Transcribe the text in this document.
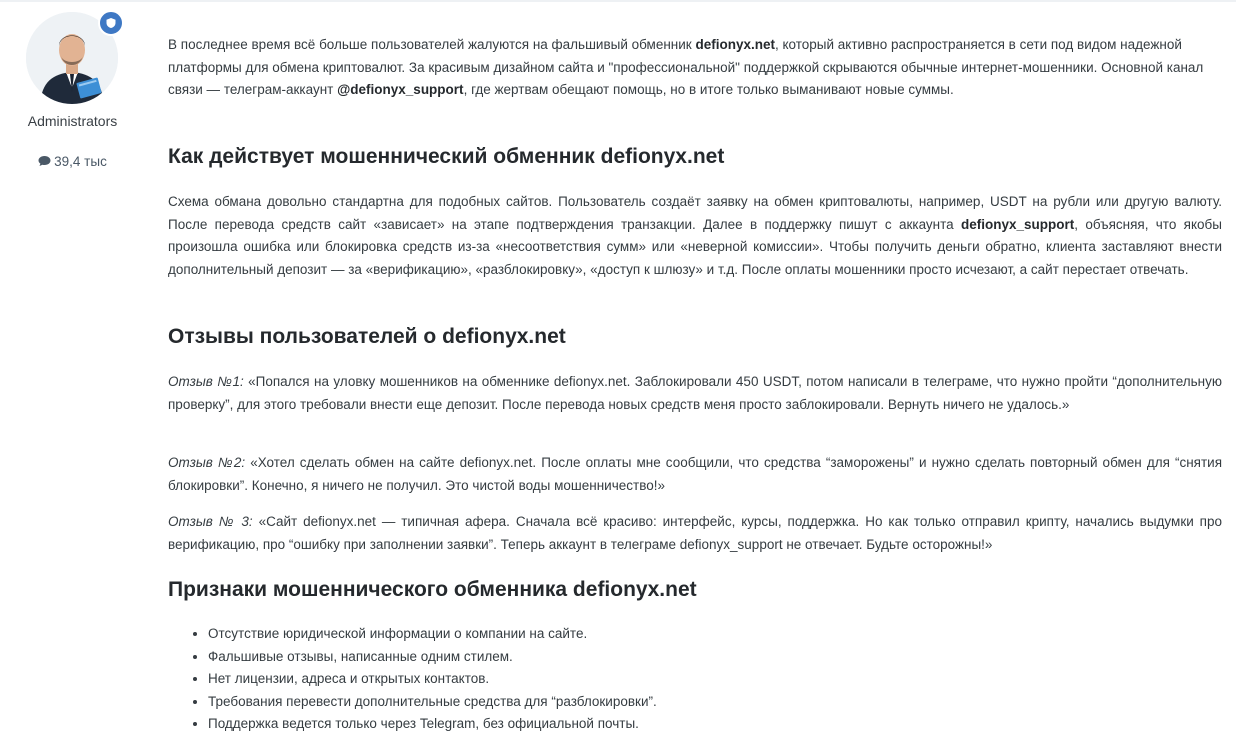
Administrators
39,4 тыс

В последнее время всё больше пользователей жалуются на фальшивый обменник defionyx.net, который активно распространяется в сети под видом надежной платформы для обмена криптовалют. За красивым дизайном сайта и "профессиональной" поддержкой скрываются обычные интернет-мошенники. Основной канал связи — телеграм-аккаунт @defionyx_support, где жертвам обещают помощь, но в итоге только выманивают новые суммы.

Как действует мошеннический обменник defionyx.net

Схема обмана довольно стандартна для подобных сайтов. Пользователь создаёт заявку на обмен криптовалюты, например, USDT на рубли или другую валюту. После перевода средств сайт «зависает» на этапе подтверждения транзакции. Далее в поддержку пишут с аккаунта defionyx_support, объясняя, что якобы произошла ошибка или блокировка средств из-за «несоответствия сумм» или «неверной комиссии». Чтобы получить деньги обратно, клиента заставляют внести дополнительный депозит — за «верификацию», «разблокировку», «доступ к шлюзу» и т.д. После оплаты мошенники просто исчезают, а сайт перестает отвечать.

Отзывы пользователей о defionyx.net

Отзыв №1: «Попался на уловку мошенников на обменнике defionyx.net. Заблокировали 450 USDT, потом написали в телеграме, что нужно пройти “дополнительную проверку”, для этого требовали внести еще депозит. После перевода новых средств меня просто заблокировали. Вернуть ничего не удалось.»

Отзыв №2: «Хотел сделать обмен на сайте defionyx.net. После оплаты мне сообщили, что средства “заморожены” и нужно сделать повторный обмен для “снятия блокировки”. Конечно, я ничего не получил. Это чистой воды мошенничество!»

Отзыв № 3: «Сайт defionyx.net — типичная афера. Сначала всё красиво: интерфейс, курсы, поддержка. Но как только отправил крипту, начались выдумки про верификацию, про “ошибку при заполнении заявки”. Теперь аккаунт в телеграме defionyx_support не отвечает. Будьте осторожны!»

Признаки мошеннического обменника defionyx.net
• Отсутствие юридической информации о компании на сайте.
• Фальшивые отзывы, написанные одним стилем.
• Нет лицензии, адреса и открытых контактов.
• Требования перевести дополнительные средства для “разблокировки”.
• Поддержка ведется только через Telegram, без официальной почты.
